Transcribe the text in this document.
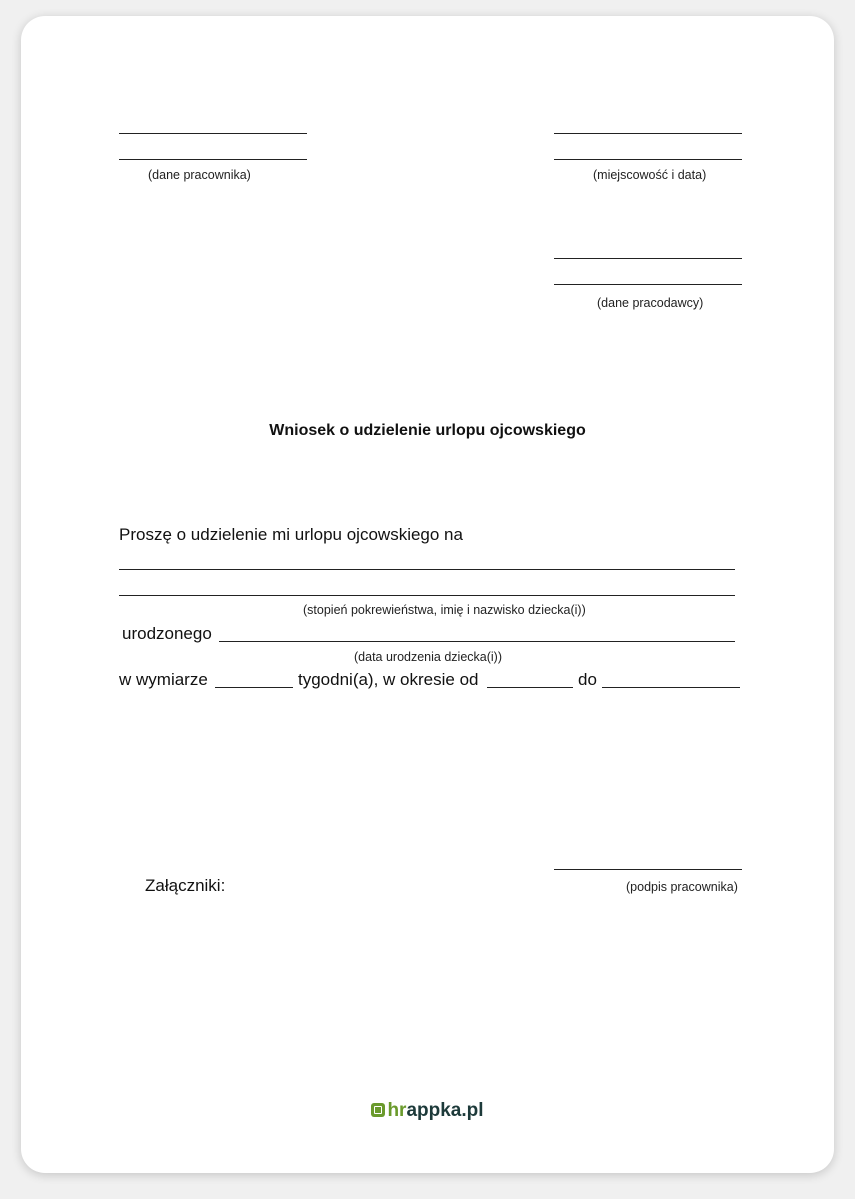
(dane pracownika)	(miejscowość i data)
(dane pracodawcy)
Wniosek o udzielenie urlopu ojcowskiego
Proszę o udzielenie mi urlopu ojcowskiego na
(stopień pokrewieństwa, imię i nazwisko dziecka(i))
urodzonego
(data urodzenia dziecka(i))
w wymiarze	tygodni(a), w okresie od	do
(podpis pracownika)
Załączniki:
hrappka.pl
